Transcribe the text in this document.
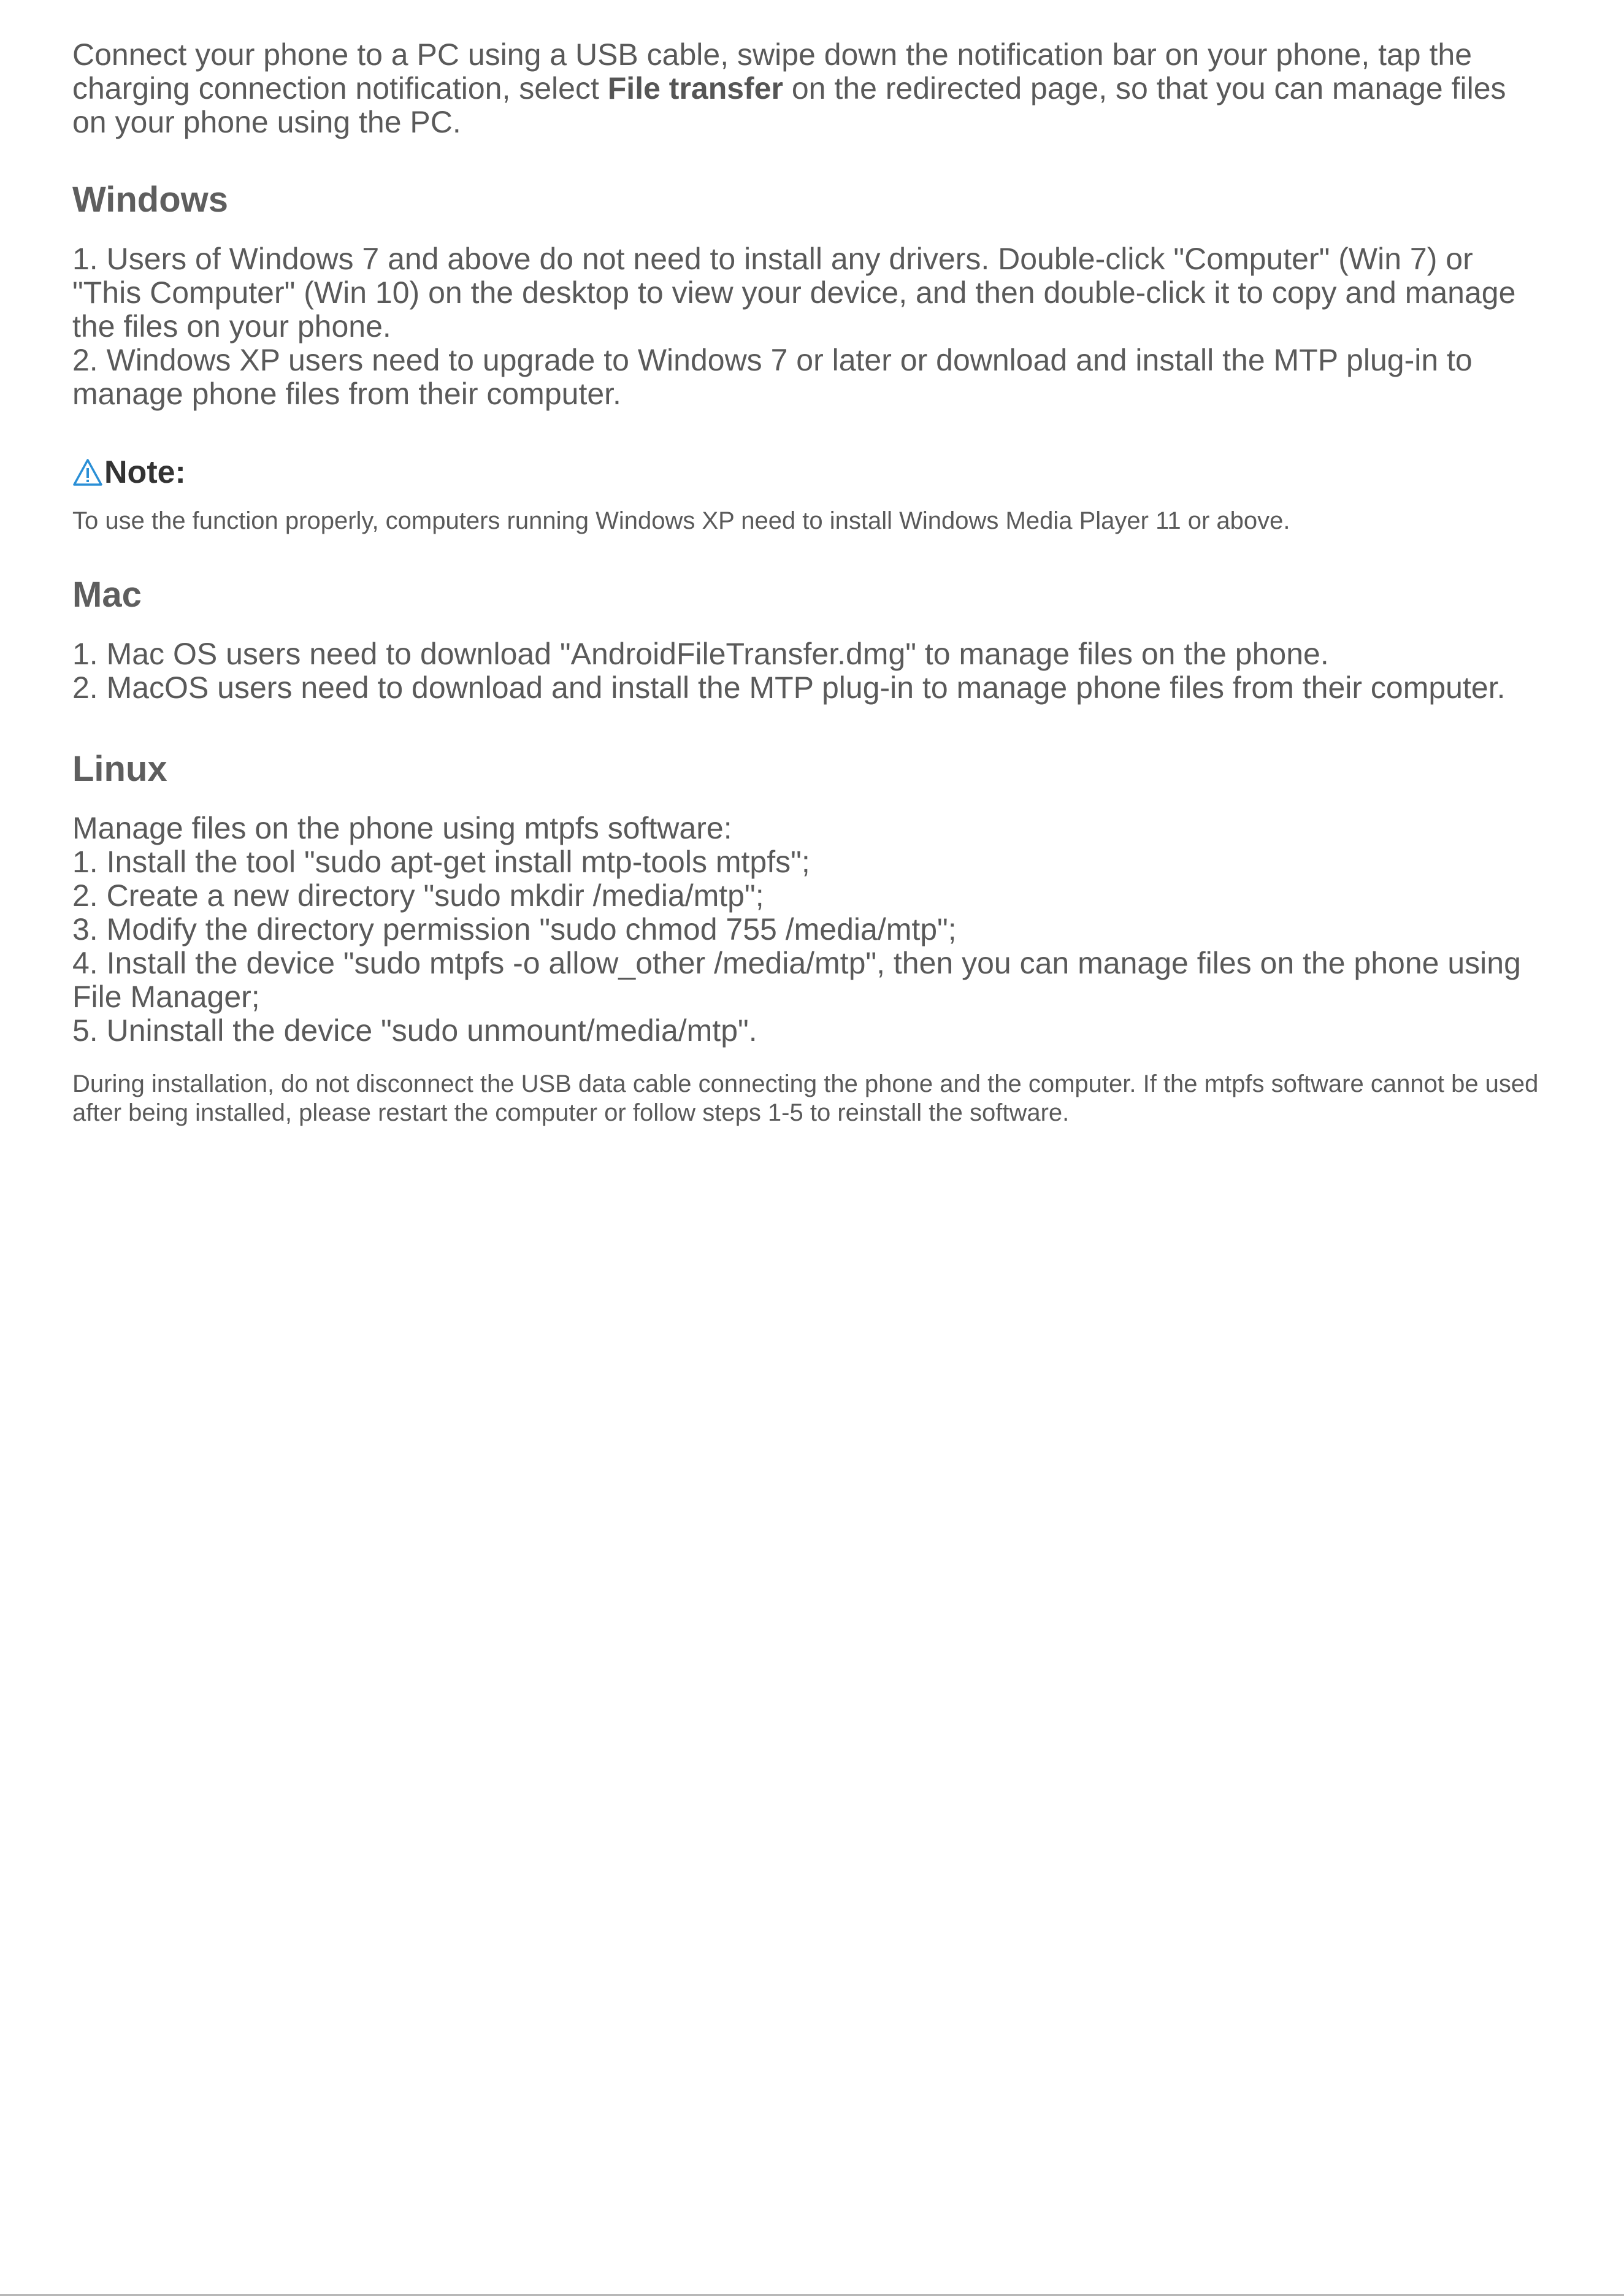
Connect your phone to a PC using a USB cable, swipe down the notification bar on your phone, tap the charging connection notification, select File transfer on the redirected page, so that you can manage files on your phone using the PC.

Windows
1. Users of Windows 7 and above do not need to install any drivers. Double-click "Computer" (Win 7) or "This Computer" (Win 10) on the desktop to view your device, and then double-click it to copy and manage the files on your phone.
2. Windows XP users need to upgrade to Windows 7 or later or download and install the MTP plug-in to manage phone files from their computer.
Note:

To use the function properly, computers running Windows XP need to install Windows Media Player 11 or above.

Mac
1. Mac OS users need to download "AndroidFileTransfer.dmg" to manage files on the phone.
2. MacOS users need to download and install the MTP plug-in to manage phone files from their computer.
Linux
Manage files on the phone using mtpfs software:
1. Install the tool "sudo apt-get install mtp-tools mtpfs";
2. Create a new directory "sudo mkdir /media/mtp";
3. Modify the directory permission "sudo chmod 755 /media/mtp";
4. Install the device "sudo mtpfs -o allow_other /media/mtp", then you can manage files on the phone using File Manager;
5. Uninstall the device "sudo unmount/media/mtp".

During installation, do not disconnect the USB data cable connecting the phone and the computer. If the mtpfs software cannot be used after being installed, please restart the computer or follow steps 1-5 to reinstall the software.
